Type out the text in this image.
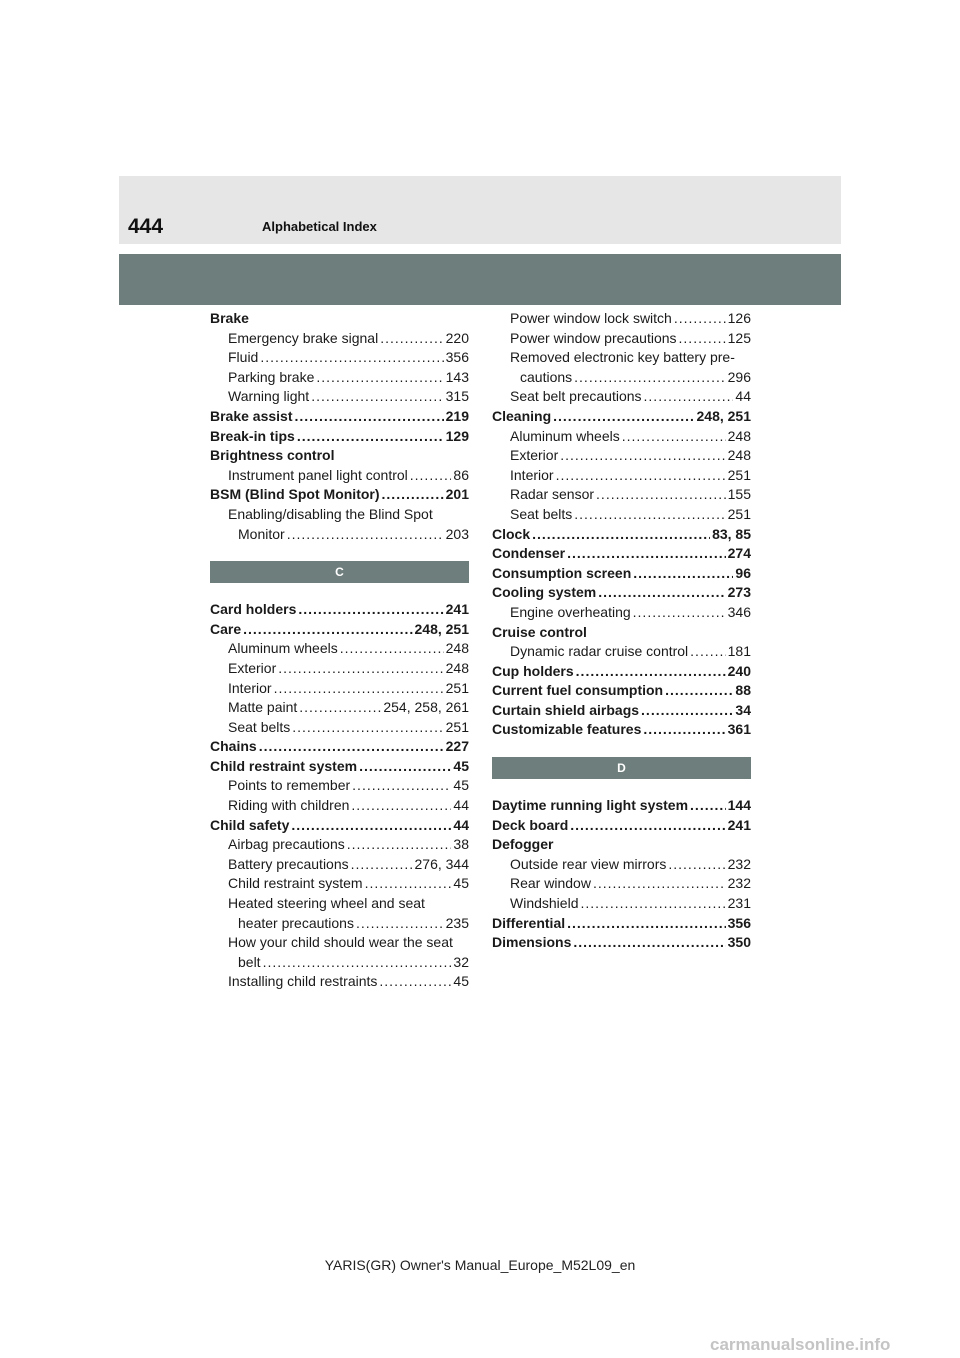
444	Alphabetical Index
Brake
Emergency brake signal .....	220
Fluid .....	356
Parking brake .....	143
Warning light .....	315
Brake assist .....	219
Break-in tips .....	129
Brightness control
Instrument panel light control .....	86
BSM (Blind Spot Monitor) .....	201
Enabling/disabling the Blind Spot
Monitor .....	203
C
Card holders .....	241
Care .....	248, 251
Aluminum wheels .....	248
Exterior .....	248
Interior .....	251
Matte paint .....	254, 258, 261
Seat belts .....	251
Chains .....	227
Child restraint system .....	45
Points to remember .....	45
Riding with children .....	44
Child safety .....	44
Airbag precautions .....	38
Battery precautions .....	276, 344
Child restraint system .....	45
Heated steering wheel and seat
heater precautions .....	235
How your child should wear the seat
belt .....	32
Installing child restraints .....	45
Power window lock switch .....	126
Power window precautions .....	125
Removed electronic key battery pre-
cautions .....	296
Seat belt precautions .....	44
Cleaning .....	248, 251
Aluminum wheels .....	248
Exterior .....	248
Interior .....	251
Radar sensor .....	155
Seat belts .....	251
Clock .....	83, 85
Condenser .....	274
Consumption screen .....	96
Cooling system .....	273
Engine overheating .....	346
Cruise control
Dynamic radar cruise control .....	181
Cup holders .....	240
Current fuel consumption .....	88
Curtain shield airbags .....	34
Customizable features .....	361
D
Daytime running light system .....	144
Deck board .....	241
Defogger
Outside rear view mirrors .....	232
Rear window .....	232
Windshield .....	231
Differential .....	356
Dimensions .....	350
YARIS(GR) Owner's Manual_Europe_M52L09_en
carmanualsonline.info
